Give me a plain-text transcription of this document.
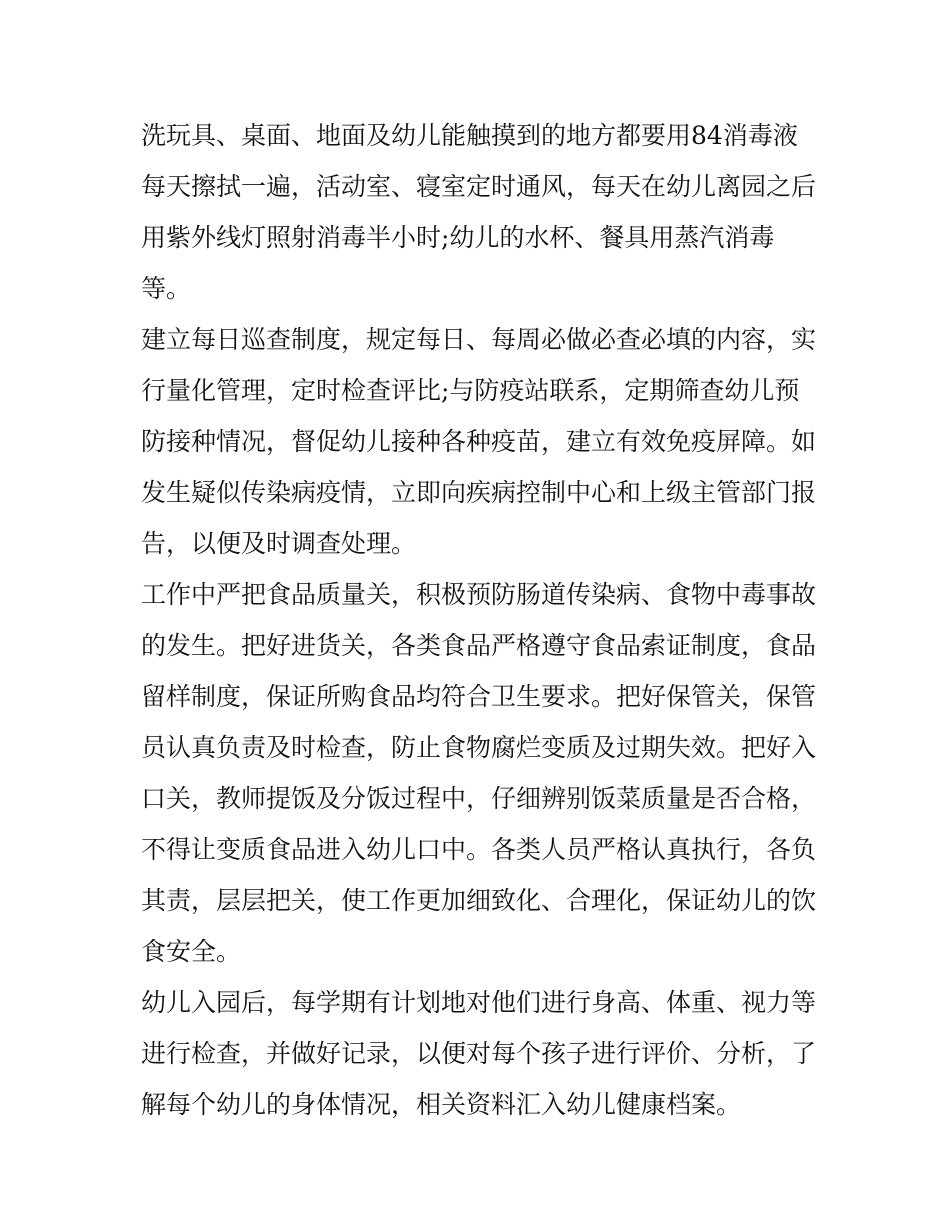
洗玩具、桌面、地面及幼儿能触摸到的地方都要用84消毒液
每天擦拭一遍，活动室、寝室定时通风，每天在幼儿离园之后
用紫外线灯照射消毒半小时;幼儿的水杯、餐具用蒸汽消毒
等。

建立每日巡查制度，规定每日、每周必做必查必填的内容，实
行量化管理，定时检查评比;与防疫站联系，定期筛查幼儿预
防接种情况，督促幼儿接种各种疫苗，建立有效免疫屏障。如
发生疑似传染病疫情，立即向疾病控制中心和上级主管部门报
告，以便及时调查处理。

工作中严把食品质量关，积极预防肠道传染病、食物中毒事故
的发生。把好进货关，各类食品严格遵守食品索证制度，食品
留样制度，保证所购食品均符合卫生要求。把好保管关，保管
员认真负责及时检查，防止食物腐烂变质及过期失效。把好入
口关，教师提饭及分饭过程中，仔细辨别饭菜质量是否合格，
不得让变质食品进入幼儿口中。各类人员严格认真执行，各负
其责，层层把关，使工作更加细致化、合理化，保证幼儿的饮
食安全。

幼儿入园后，每学期有计划地对他们进行身高、体重、视力等
进行检查，并做好记录，以便对每个孩子进行评价、分析，了
解每个幼儿的身体情况，相关资料汇入幼儿健康档案。
